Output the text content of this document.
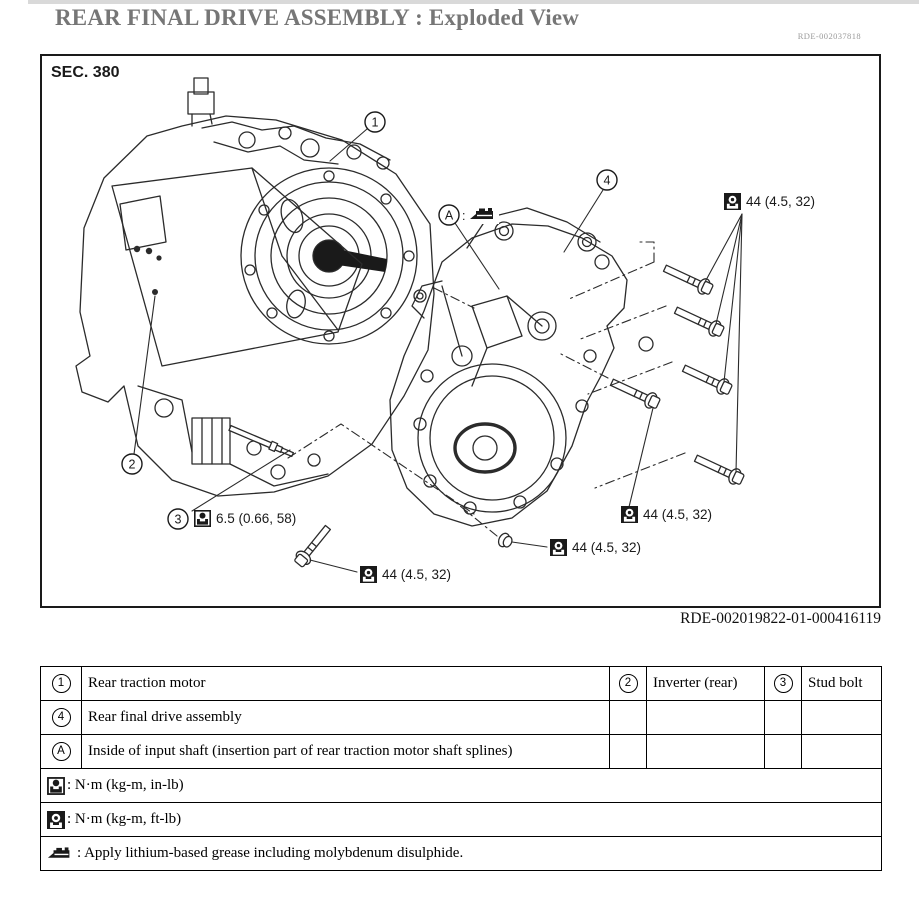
REAR FINAL DRIVE ASSEMBLY : Exploded View
RDE-002037818
SEC. 380
1
2
4
A :
3	6.5 (0.66, 58)
44 (4.5, 32)
44 (4.5, 32)
44 (4.5, 32)
44 (4.5, 32)
RDE-002019822-01-000416119
1	Rear traction motor	2	Inverter (rear)	3	Stud bolt
4	Rear final drive assembly				
A	Inside of input shaft (insertion part of rear traction motor shaft splines)				

: N·m (kg-m, in-lb)					

: N·m (kg-m, ft-lb)					

: Apply lithium-based grease including molybdenum disulphide.					
